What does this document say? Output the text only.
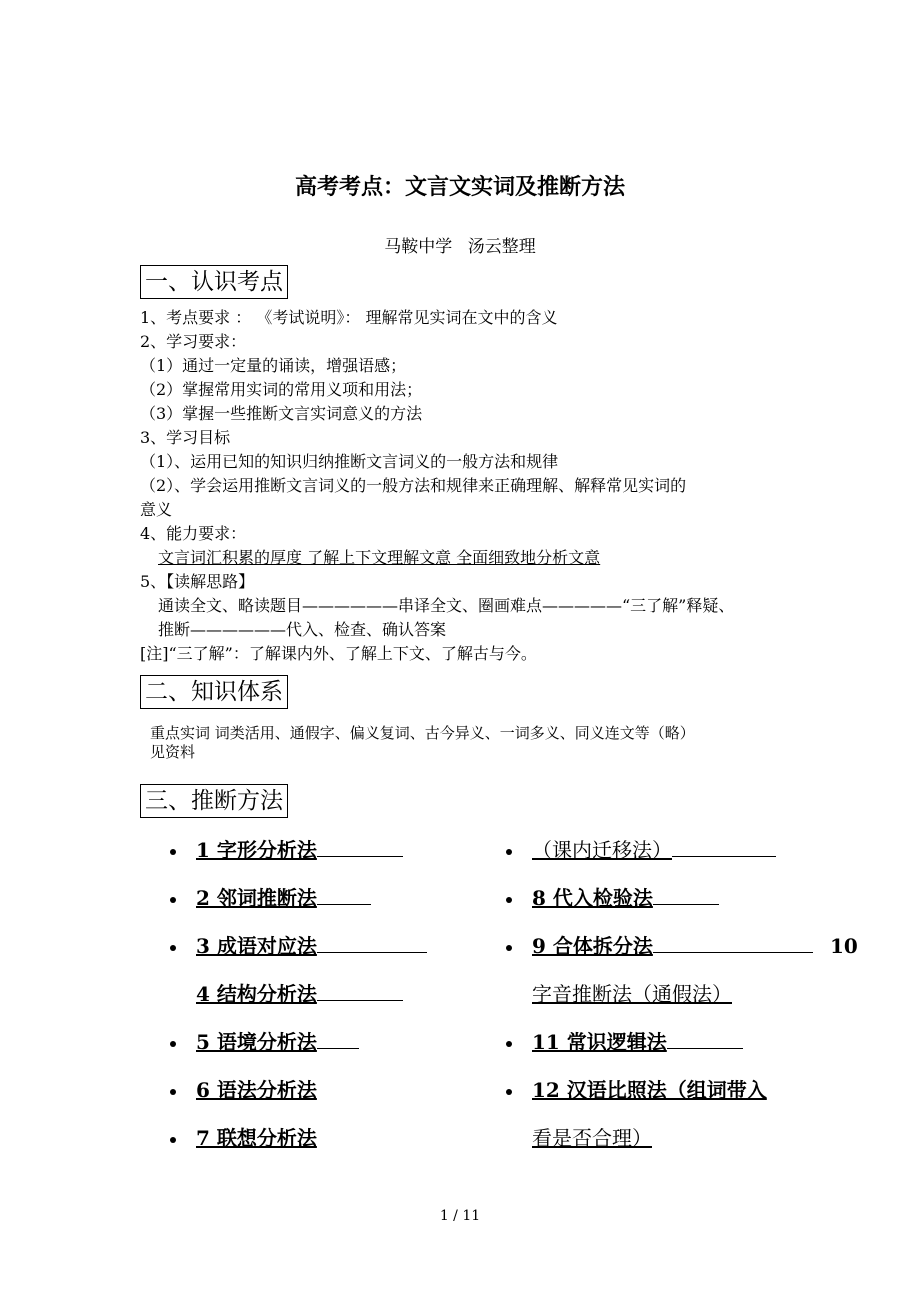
高考考点：文言文实词及推断方法
马鞍中学 汤云整理
一、认识考点
1、考点要求 ： 《考试说明》： 理解常见实词在文中的含义
2、学习要求：
（1）通过一定量的诵读，增强语感；
（2）掌握常用实词的常用义项和用法；
（3）掌握一些推断文言实词意义的方法
3、学习目标
（1）、运用已知的知识归纳推断文言词义的一般方法和规律
（2）、学会运用推断文言词义的一般方法和规律来正确理解、解释常见实词的
意义
4、能力要求：
文言词汇积累的厚度 了解上下文理解文意 全面细致地分析文意
5、【读解思路】
通读全文、略读题目——————串译全文、圈画难点—————“三了解”释疑、
推断——————代入、检查、确认答案
[注]“三了解”：了解课内外、了解上下文、了解古与今。
二、知识体系
重点实词 词类活用、通假字、偏义复词、古今异义、一词多义、同义连文等（略）
见资料
三、推断方法
1 字形分析法
2 邻词推断法
3 成语对应法
4 结构分析法
5 语境分析法
6 语法分析法
7 联想分析法
（课内迁移法）
8 代入检验法
9 合体拆分法	10
字音推断法（通假法）
11 常识逻辑法
12 汉语比照法（组词带入
看是否合理）
1 / 11
